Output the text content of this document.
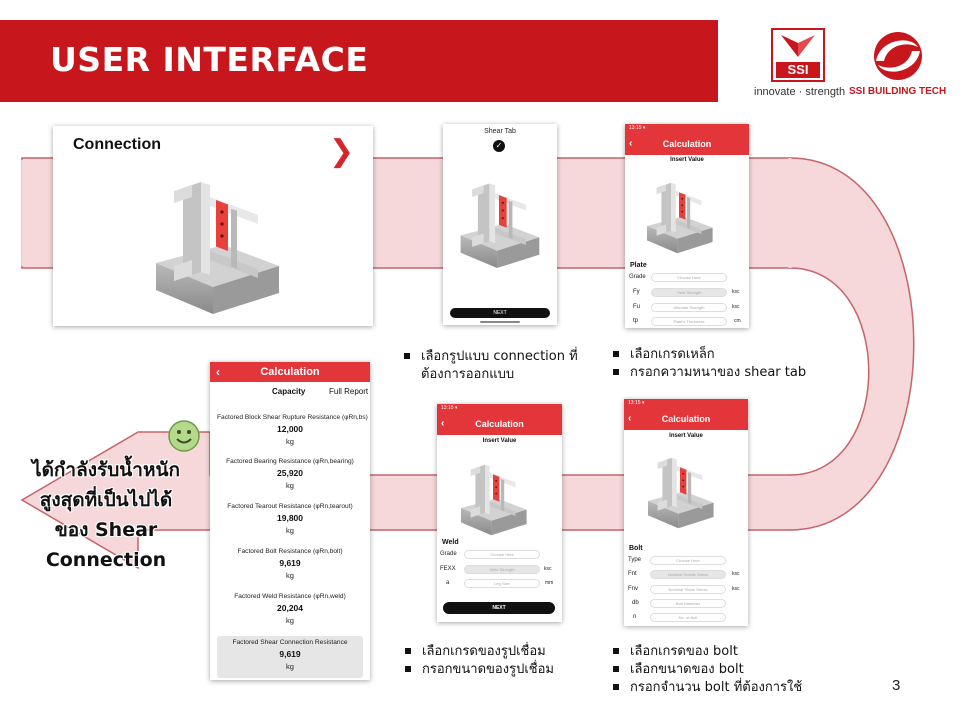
USER INTERFACE	SSI
innovate · strength SSI BUILDING TECH
Connection	❯
Shear Tab
✓
NEXT
13:15 ▾
‹	Calculation
Insert Value
Plate
Grade	Choose Here
Fy	Yield Strength	ksc
Fu	Ultimate Strength	ksc
tp	Plate's Thickness	cm
13:15 ▾
‹	Calculation
Insert Value
Weld
Grade	Choose Here
FEXX	Weld Strength	ksc
a	Leg Size	mm
NEXT
13:15 ▾
‹	Calculation
Insert Value
Bolt
Type	Choose Here
Fnt	Nominal Tensile Stress	ksc
Fnv	Nominal Shear Stress	ksc
db	Bolt Diameter
n	No. of Bolt
‹	Calculation
Capacity	Full Report
Factored Block Shear Rupture Resistance (φRn,bs)
12,000
kg
Factored Bearing Resistance (φRn,bearing)
25,920
kg
Factored Tearout Resistance (φRn,tearout)
19,800
kg
Factored Bolt Resistance (φRn,bolt)
9,619
kg
Factored Weld Resistance (φRn,weld)
20,204
kg
Factored Shear Connection Resistance
9,619
kg
เลือกรูปแบบ connection ที่ต้องการออกแบบ
เลือกเกรดเหล็ก
กรอกความหนาของ shear tab
เลือกเกรดของรูปเชื่อม
กรอกขนาดของรูปเชื่อม
เลือกเกรดของ bolt
เลือกขนาดของ bolt
กรอกจำนวน bolt ที่ต้องการใช้
ได้กำลังรับน้ำหนัก
สูงสุดที่เป็นไปได้
ของ Shear
Connection
3
